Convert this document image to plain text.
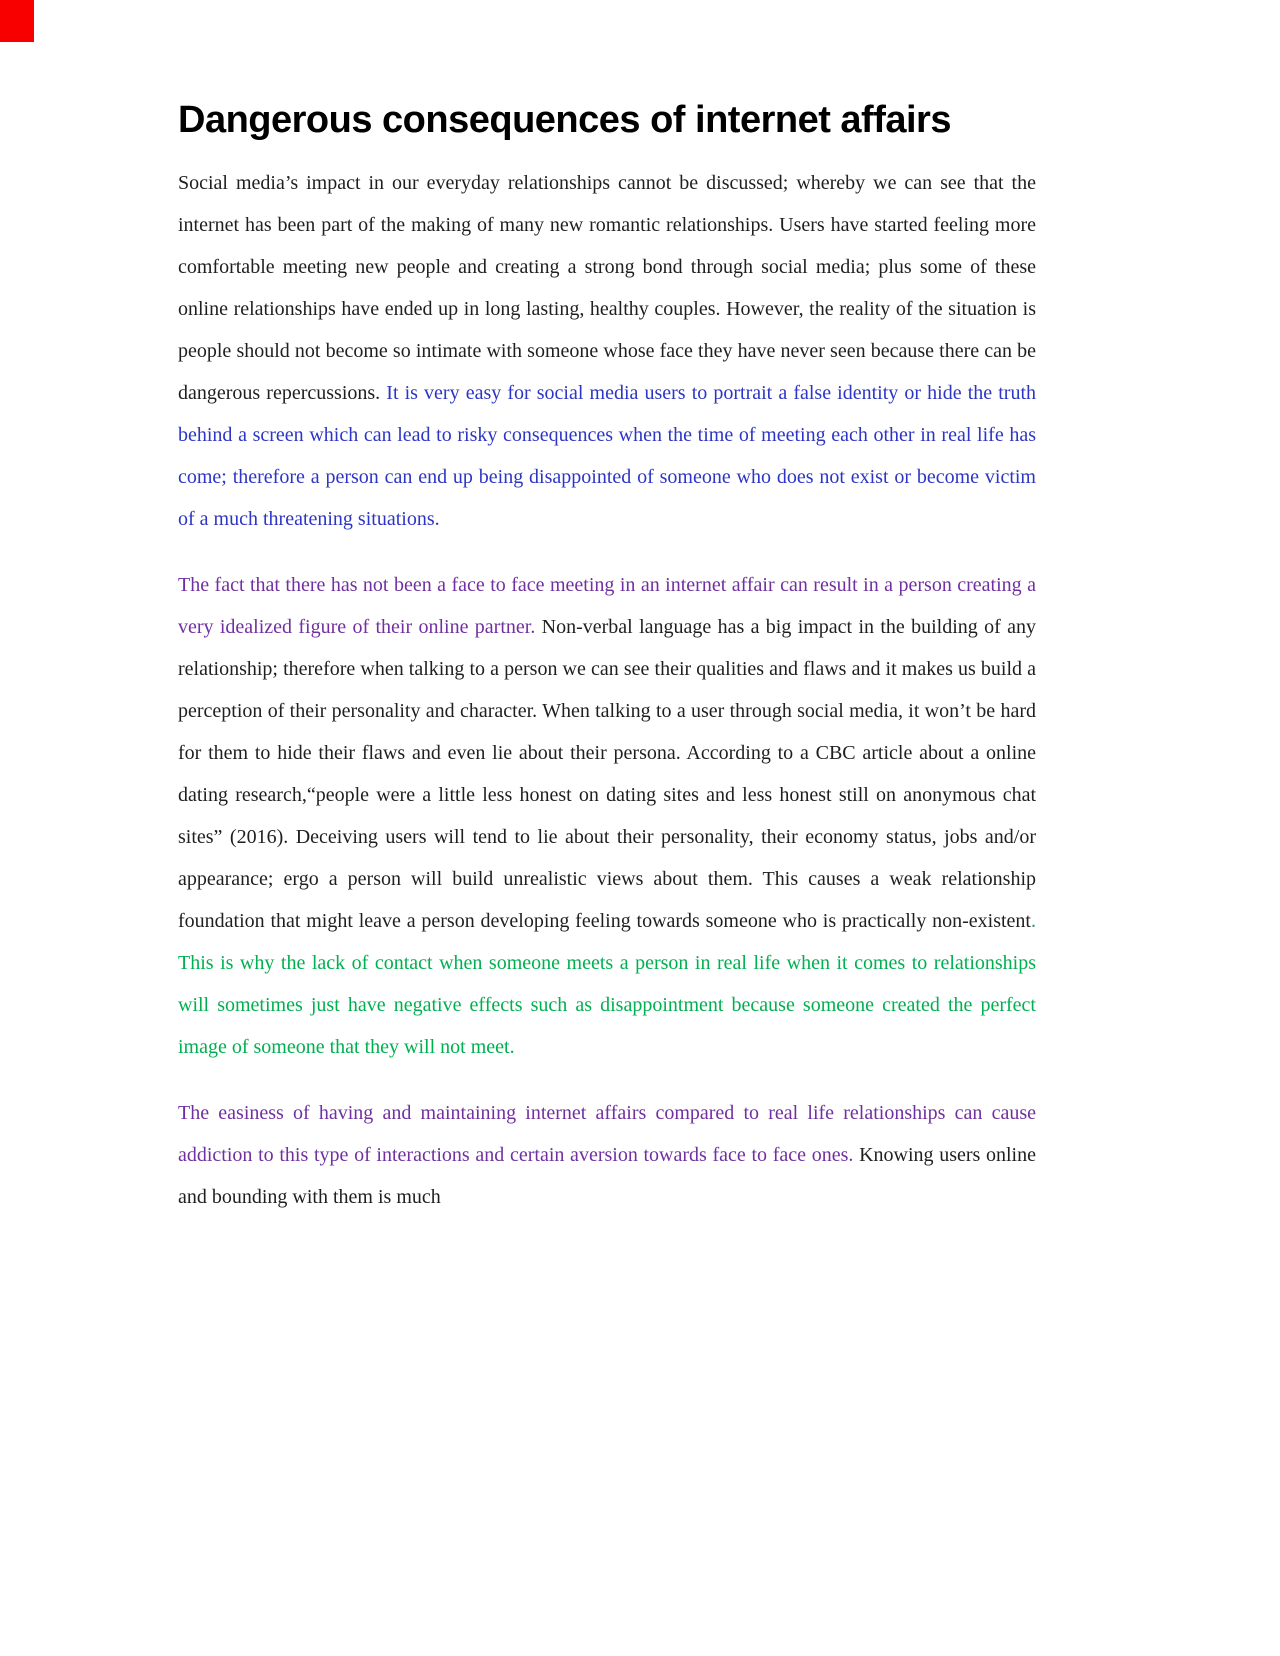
Dangerous consequences of internet affairs

Social media’s impact in our everyday relationships cannot be discussed; whereby we can see that the internet has been part of the making of many new romantic relationships. Users have started feeling more comfortable meeting new people and creating a strong bond through social media; plus some of these online relationships have ended up in long lasting, healthy couples. However, the reality of the situation is people should not become so intimate with someone whose face they have never seen because there can be dangerous repercussions. It is very easy for social media users to portrait a false identity or hide the truth behind a screen which can lead to risky consequences when the time of meeting each other in real life has come; therefore a person can end up being disappointed of someone who does not exist or become victim of a much threatening situations.

The fact that there has not been a face to face meeting in an internet affair can result in a person creating a very idealized figure of their online partner. Non-verbal language has a big impact in the building of any relationship; therefore when talking to a person we can see their qualities and flaws and it makes us build a perception of their personality and character. When talking to a user through social media, it won’t be hard for them to hide their flaws and even lie about their persona. According to a CBC article about a online dating research,“people were a little less honest on dating sites and less honest still on anonymous chat sites” (2016). Deceiving users will tend to lie about their personality, their economy status, jobs and/or appearance; ergo a person will build unrealistic views about them. This causes a weak relationship foundation that might leave a person developing feeling towards someone who is practically non-existent. This is why the lack of contact when someone meets a person in real life when it comes to relationships will sometimes just have negative effects such as disappointment because someone created the perfect image of someone that they will not meet.

The easiness of having and maintaining internet affairs compared to real life relationships can cause addiction to this type of interactions and certain aversion towards face to face ones. Knowing users online and bounding with them is much
